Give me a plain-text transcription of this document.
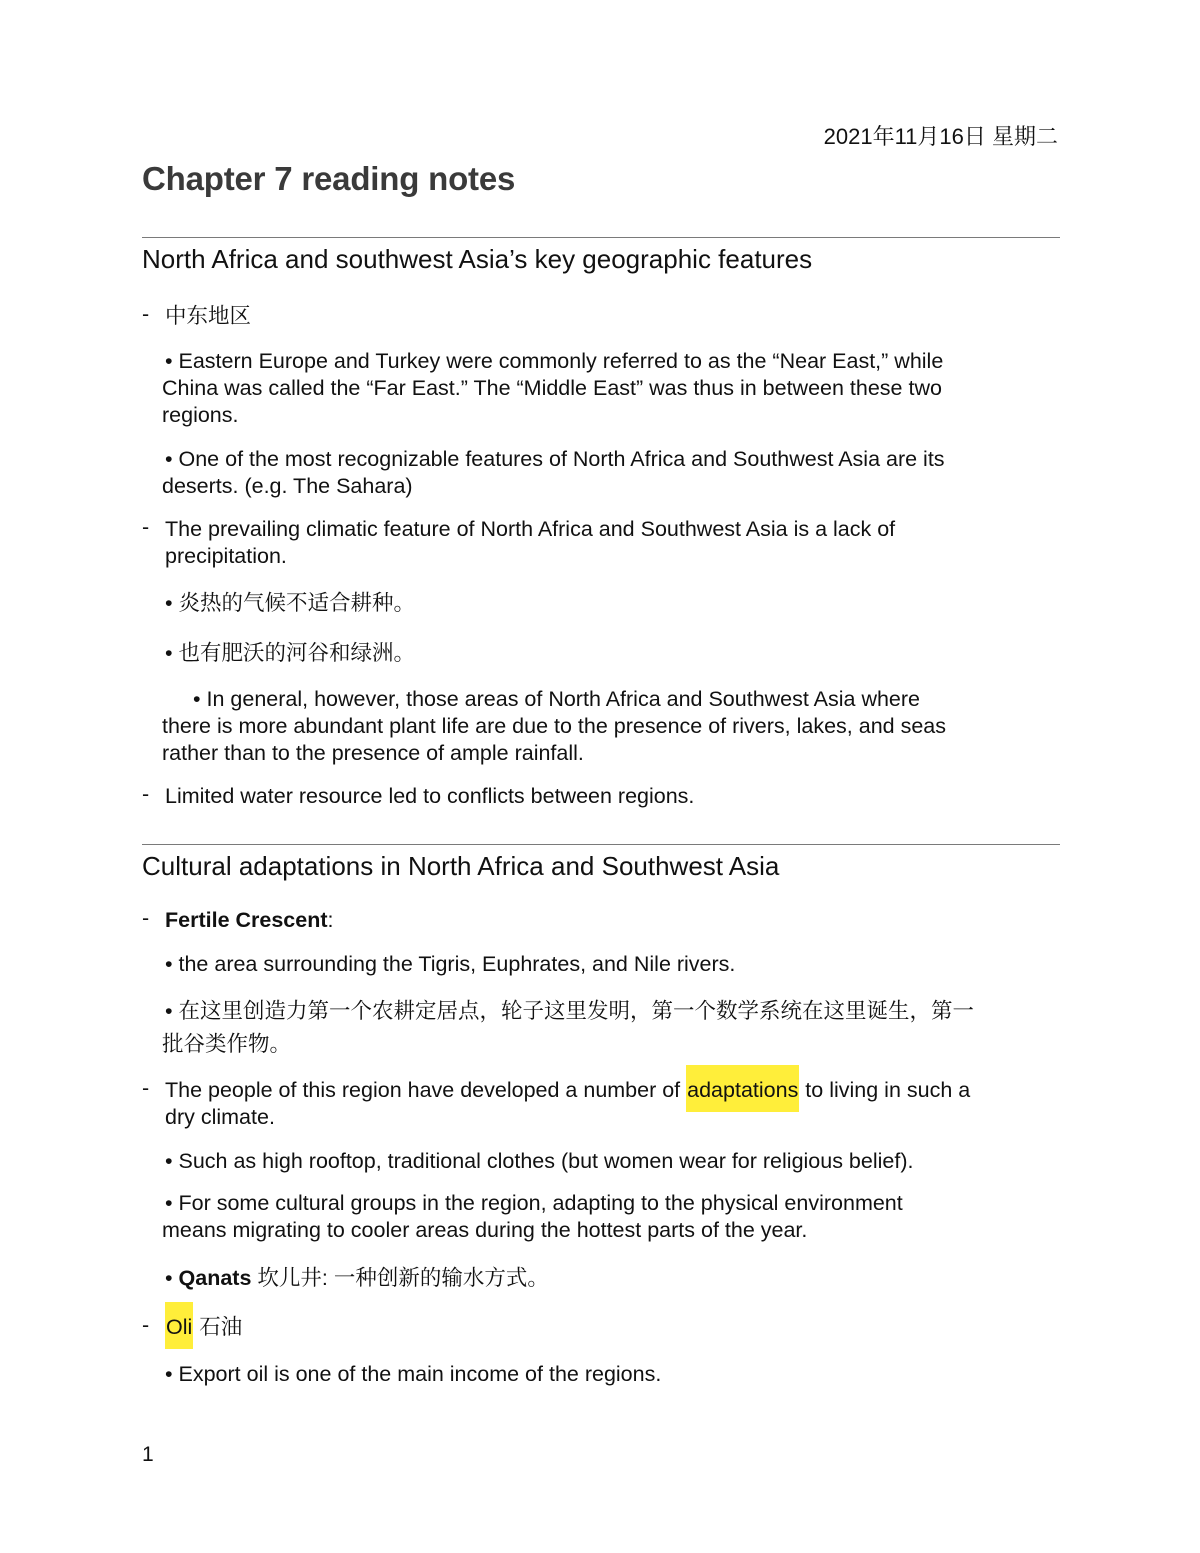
2021年11月16日 星期二
Chapter 7 reading notes
North Africa and southwest Asia’s key geographic features
- 中东地区
• Eastern Europe and Turkey were commonly referred to as the “Near East,” while
China was called the “Far East.” The “Middle East” was thus in between these two
regions.
• One of the most recognizable features of North Africa and Southwest Asia are its
deserts. (e.g. The Sahara)
- The prevailing climatic feature of North Africa and Southwest Asia is a lack of
precipitation.
• 炎热的气候不适合耕种。
• 也有肥沃的河谷和绿洲。
• In general, however, those areas of North Africa and Southwest Asia where
there is more abundant plant life are due to the presence of rivers, lakes, and seas
rather than to the presence of ample rainfall.
- Limited water resource led to conflicts between regions.
Cultural adaptations in North Africa and Southwest Asia
- Fertile Crescent:
• the area surrounding the Tigris, Euphrates, and Nile rivers.
• 在这里创造力第一个农耕定居点，轮子这里发明，第一个数学系统在这里诞生，第一
批谷类作物。
- The people of this region have developed a number of adaptations to living in such a
dry climate.
• Such as high rooftop, traditional clothes (but women wear for religious belief).
• For some cultural groups in the region, adapting to the physical environment
means migrating to cooler areas during the hottest parts of the year.
• Qanats 坎儿井: 一种创新的输水方式。
- Oli 石油
• Export oil is one of the main income of the regions.
1
